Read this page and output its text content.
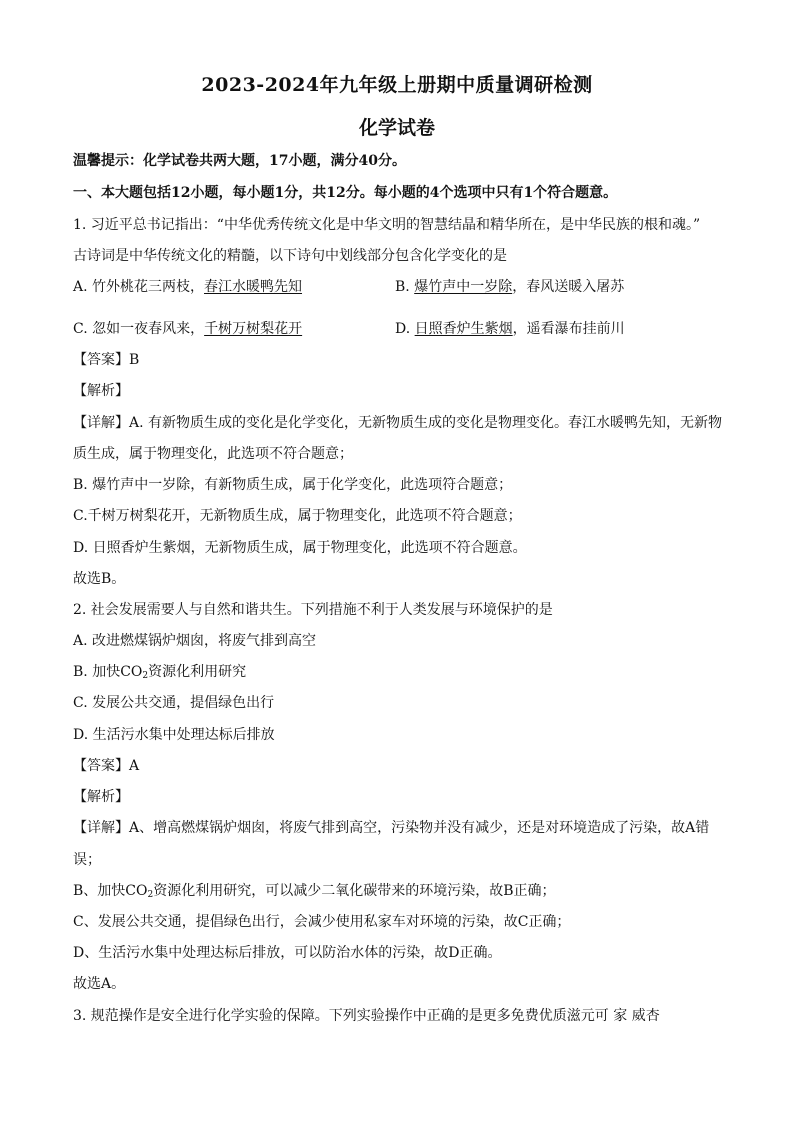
2023-2024年九年级上册期中质量调研检测
化学试卷
温馨提示：化学试卷共两大题，17小题，满分40分。
一、本大题包括12小题，每小题1分，共12分。每小题的4个选项中只有1个符合题意。
1. 习近平总书记指出：“中华优秀传统文化是中华文明的智慧结晶和精华所在，是中华民族的根和魂。”
古诗词是中华传统文化的精髓，以下诗句中划线部分包含化学变化的是
A. 竹外桃花三两枝，春江水暖鸭先知	B. 爆竹声中一岁除，春风送暖入屠苏
C. 忽如一夜春风来，千树万树梨花开	D. 日照香炉生紫烟，遥看瀑布挂前川
【答案】B
【解析】
【详解】A. 有新物质生成的变化是化学变化，无新物质生成的变化是物理变化。春江水暖鸭先知，无新物
质生成，属于物理变化，此选项不符合题意；
B. 爆竹声中一岁除，有新物质生成，属于化学变化，此选项符合题意；
C.千树万树梨花开，无新物质生成，属于物理变化，此选项不符合题意；
D. 日照香炉生紫烟，无新物质生成，属于物理变化，此选项不符合题意。
故选B。
2. 社会发展需要人与自然和谐共生。下列措施不利于人类发展与环境保护的是
A. 改进燃煤锅炉烟囱，将废气排到高空
B. 加快$CO_2$资源化利用研究
C. 发展公共交通，提倡绿色出行
D. 生活污水集中处理达标后排放
【答案】A
【解析】
【详解】A、增高燃煤锅炉烟囱，将废气排到高空，污染物并没有减少，还是对环境造成了污染，故A错
误；
B、加快$CO_2$资源化利用研究，可以减少二氧化碳带来的环境污染，故B正确；
C、发展公共交通，提倡绿色出行，会减少使用私家车对环境的污染，故C正确；
D、生活污水集中处理达标后排放，可以防治水体的污染，故D正确。
故选A。
3. 规范操作是安全进行化学实验的保障。下列实验操作中正确的是更多免费优质滋元可 家 威杏
